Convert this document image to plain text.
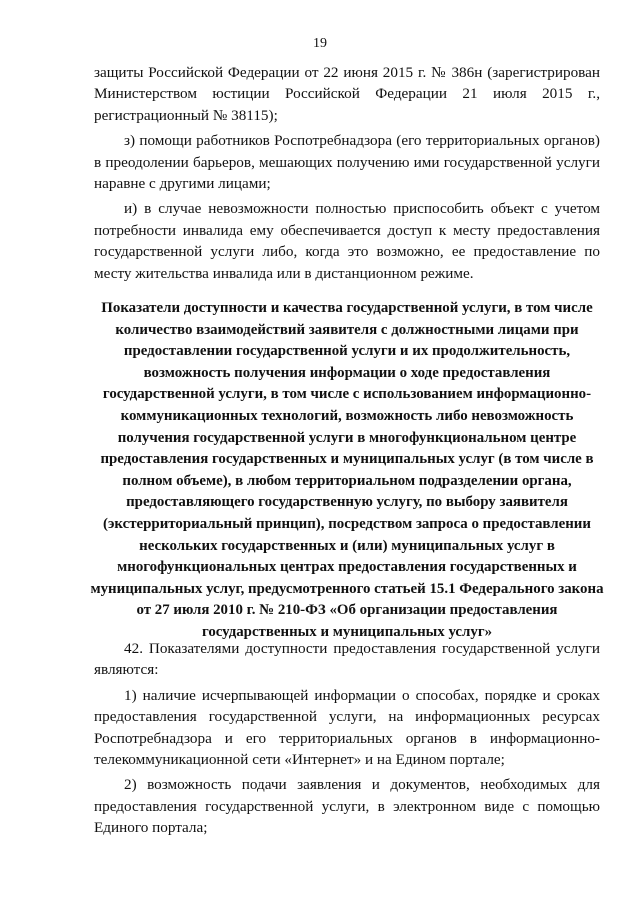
19

защиты Российской Федерации от 22 июня 2015 г. № 386н (зарегистрирован Министерством юстиции Российской Федерации 21 июля 2015 г., регистрационный № 38115);

з) помощи работников Роспотребнадзора (его территориальных органов) в преодолении барьеров, мешающих получению ими государственной услуги наравне с другими лицами;

и) в случае невозможности полностью приспособить объект с учетом потребности инвалида ему обеспечивается доступ к месту предоставления государственной услуги либо, когда это возможно, ее предоставление по месту жительства инвалида или в дистанционном режиме.

Показатели доступности и качества государственной услуги, в том числе количество взаимодействий заявителя с должностными лицами при предоставлении государственной услуги и их продолжительность, возможность получения информации о ходе предоставления государственной услуги, в том числе с использованием информационно-коммуникационных технологий, возможность либо невозможность получения государственной услуги в многофункциональном центре предоставления государственных и муниципальных услуг (в том числе в полном объеме), в любом территориальном подразделении органа, предоставляющего государственную услугу, по выбору заявителя (экстерриториальный принцип), посредством запроса о предоставлении нескольких государственных и (или) муниципальных услуг в многофункциональных центрах предоставления государственных и муниципальных услуг, предусмотренного статьей 15.1 Федерального закона от 27 июля 2010 г. № 210-ФЗ «Об организации предоставления государственных и муниципальных услуг»

42. Показателями доступности предоставления государственной услуги являются:

1) наличие исчерпывающей информации о способах, порядке и сроках предоставления государственной услуги, на информационных ресурсах Роспотребнадзора и его территориальных органов в информационно-телекоммуникационной сети «Интернет» и на Едином портале;

2) возможность подачи заявления и документов, необходимых для предоставления государственной услуги, в электронном виде с помощью Единого портала;
